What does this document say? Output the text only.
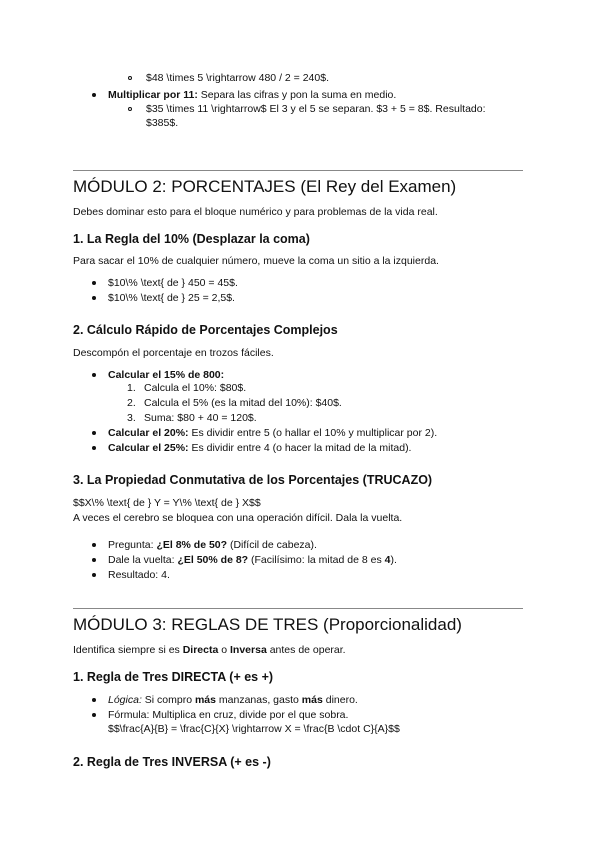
$48 \times 5 \rightarrow 480 / 2 = 240$.
Multiplicar por 11: Separa las cifras y pon la suma en medio.
$35 \times 11 \rightarrow$ El 3 y el 5 se separan. $3 + 5 = 8$. Resultado:
$385$.
MÓDULO 2: PORCENTAJES (El Rey del Examen)
Debes dominar esto para el bloque numérico y para problemas de la vida real.
1. La Regla del 10% (Desplazar la coma)
Para sacar el 10% de cualquier número, mueve la coma un sitio a la izquierda.
$10\% \text{ de } 450 = 45$.
$10\% \text{ de } 25 = 2,5$.
2. Cálculo Rápido de Porcentajes Complejos
Descompón el porcentaje en trozos fáciles.
Calcular el 15% de 800:
1. Calcula el 10%: $80$.
2. Calcula el 5% (es la mitad del 10%): $40$.
3. Suma: $80 + 40 = 120$.
Calcular el 20%: Es dividir entre 5 (o hallar el 10% y multiplicar por 2).
Calcular el 25%: Es dividir entre 4 (o hacer la mitad de la mitad).
3. La Propiedad Conmutativa de los Porcentajes (TRUCAZO)
$$X\% \text{ de } Y = Y\% \text{ de } X$$
A veces el cerebro se bloquea con una operación difícil. Dala la vuelta.
Pregunta: ¿El 8% de 50? (Difícil de cabeza).
Dale la vuelta: ¿El 50% de 8? (Facilísimo: la mitad de 8 es 4).
Resultado: 4.
MÓDULO 3: REGLAS DE TRES (Proporcionalidad)
Identifica siempre si es Directa o Inversa antes de operar.
1. Regla de Tres DIRECTA (+ es +)
Lógica: Si compro más manzanas, gasto más dinero.
Fórmula: Multiplica en cruz, divide por el que sobra.
$$\frac{A}{B} = \frac{C}{X} \rightarrow X = \frac{B \cdot C}{A}$$
2. Regla de Tres INVERSA (+ es -)
